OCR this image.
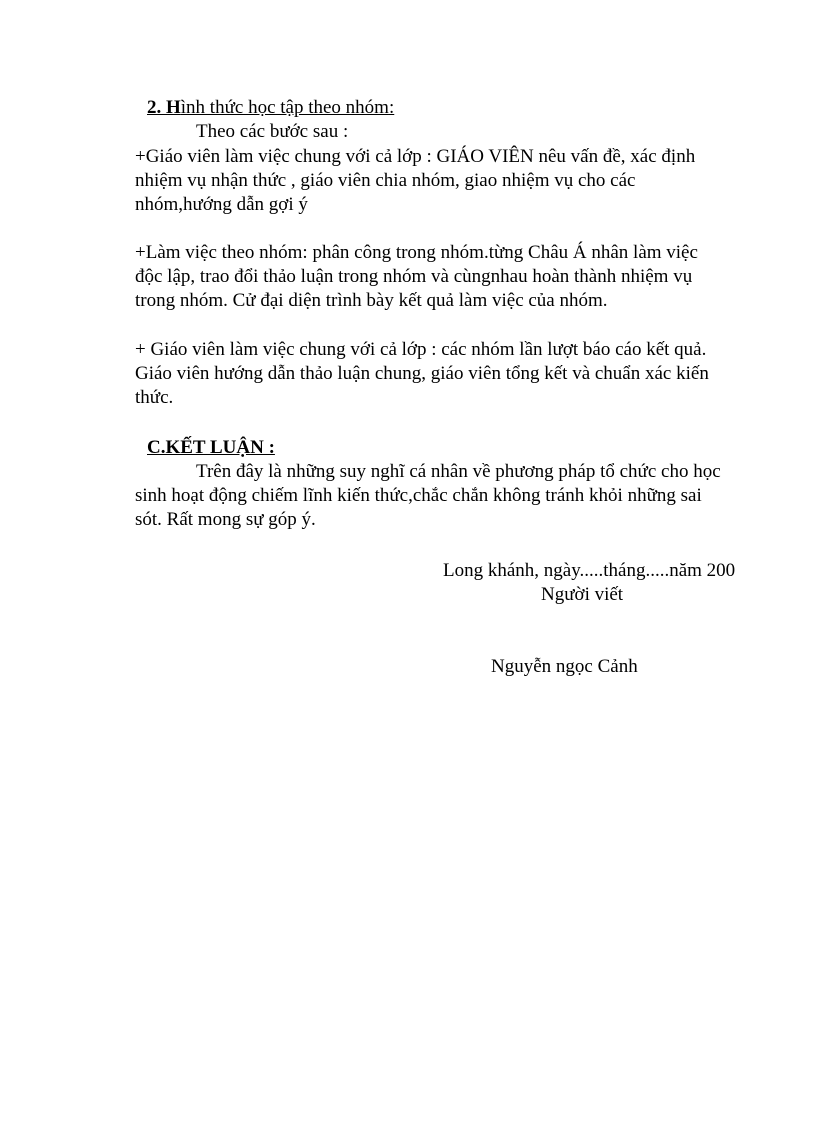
2. Hình thức học tập theo nhóm:
Theo các bước sau :
+Giáo viên làm việc chung với cả lớp : GIÁO VIÊN nêu vấn đề, xác định
nhiệm vụ nhận thức , giáo viên chia nhóm, giao nhiệm vụ cho các
nhóm,hướng dẫn gợi ý
+Làm việc theo nhóm: phân công trong nhóm.từng Châu Á nhân làm việc
độc lập, trao đổi thảo luận trong nhóm và cùngnhau hoàn thành nhiệm vụ
trong nhóm. Cử đại diện trình bày kết quả làm việc của nhóm.
+ Giáo viên làm việc chung với cả lớp : các nhóm lần lượt báo cáo kết quả.
Giáo viên hướng dẫn thảo luận chung, giáo viên tổng kết và chuẩn xác kiến
thức.
C.KẾT LUẬN :
Trên đây là những suy nghĩ cá nhân về phương pháp tổ chức cho học
sinh hoạt động chiếm lĩnh kiến thức,chắc chắn không tránh khỏi những sai
sót. Rất mong sự góp ý.
Long khánh, ngày.....tháng.....năm 200
Người viết
Nguyễn ngọc Cảnh
